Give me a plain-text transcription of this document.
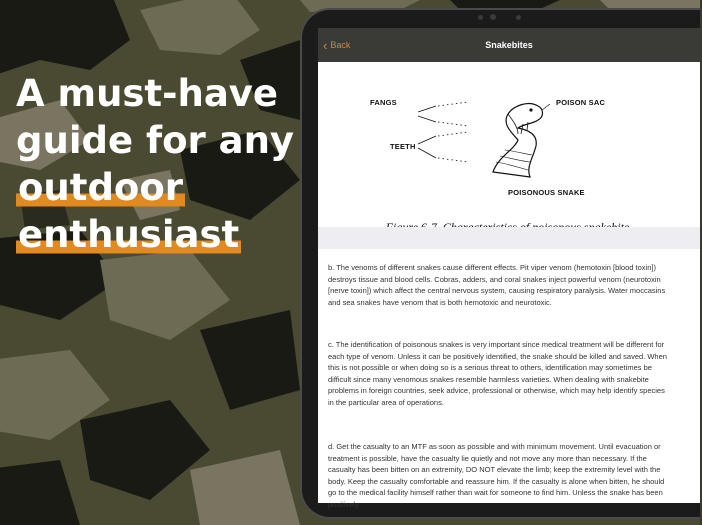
A must-have
guide for any
outdoor
enthusiast
‹ Back	Snakebites
FANGS
TEETH
POISON SAC
POISONOUS SNAKE

b. The venoms of different snakes cause different effects. Pit viper venom (hemotoxin [blood toxin]) destroys tissue and blood cells. Cobras, adders, and coral snakes inject powerful venom (neurotoxin [nerve toxin]) which affect the central nervous system, causing respiratory paralysis. Water moccasins and sea snakes have venom that is both hemotoxic and neurotoxic.

c. The identification of poisonous snakes is very important since medical treatment will be different for each type of venom. Unless it can be positively identified, the snake should be killed and saved. When this is not possible or when doing so is a serious threat to others, identification may sometimes be difficult since many venomous snakes resemble harmless varieties. When dealing with snakebite problems in foreign countries, seek advice, professional or otherwise, which may help identify species in the particular area of operations.

d. Get the casualty to an MTF as soon as possible and with minimum movement. Until evacuation or treatment is possible, have the casualty lie quietly and not move any more than necessary. If the casualty has been bitten on an extremity, DO NOT elevate the limb; keep the extremity level with the body. Keep the casualty comfortable and reassure him. If the casualty is alone when bitten, he should go to the medical facility himself rather than wait for someone to find him. Unless the snake has been positively
